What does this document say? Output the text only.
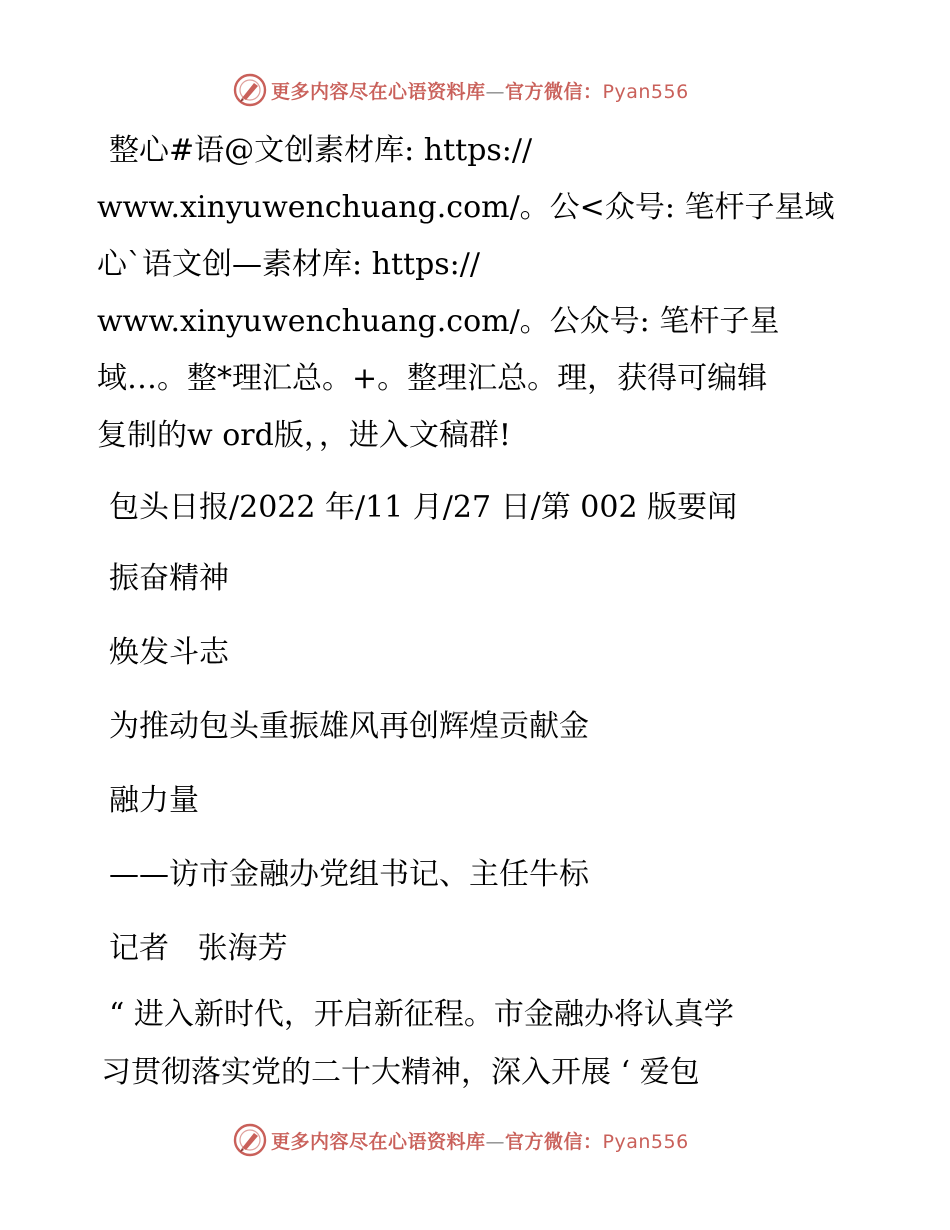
更多内容尽在心语资料库—官方微信：Pyan556
整心#语@文创素材库: https://
www.xinyuwenchuang.com/。公<众号: 笔杆子星域
心`语文创—素材库: https://
www.xinyuwenchuang.com/。公众号: 笔杆子星
域…。整*理汇总。+。整理汇总。理，获得可编辑
复制的w ord版，，进入文稿群!
包头日报/2022 年/11 月/27 日/第 002 版要闻
振奋精神
焕发斗志
为推动包头重振雄风再创辉煌贡献金
融力量
——访市金融办党组书记、主任牛标
记者   张海芳
“ 进入新时代，开启新征程。市金融办将认真学
习贯彻落实党的二十大精神，深入开展 ‘ 爱包
更多内容尽在心语资料库—官方微信：Pyan556
